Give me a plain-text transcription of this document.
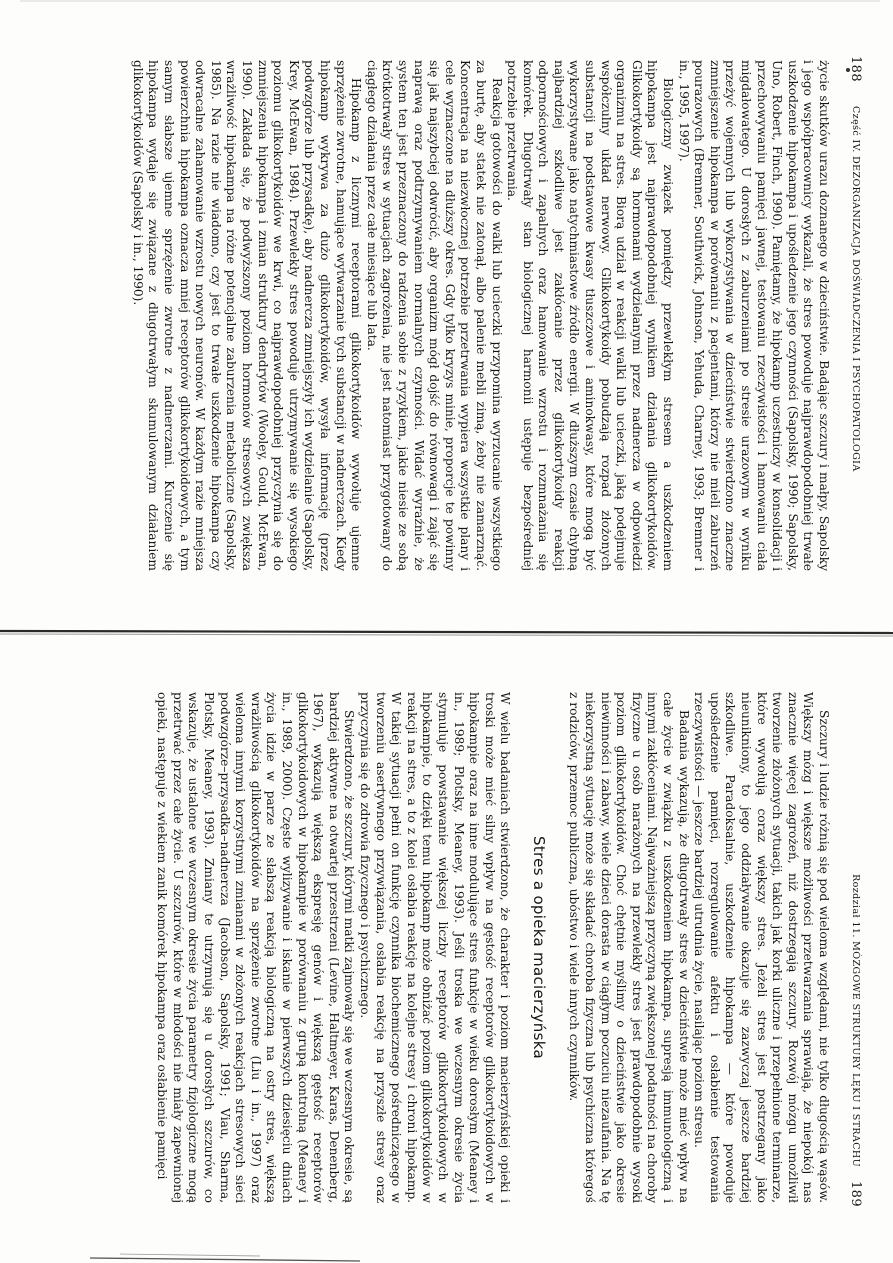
188
Część IV. DEZORGANIZACJA DOŚWIADCZENIA I PSYCHOPATOLOGIA

życie skutków urazu doznanego w dzieciństwie. Badając szczury i małpy, Sapolsky i jego współpracownicy wykazali, że stres powoduje najprawdopodobniej trwałe uszkodzenie hipokampa i upośledzenie jego czynności (Sapolsky, 1990; Sapolsky, Uno, Robert, Finch, 1990). Pamiętamy, że hipokamp uczestniczy w konsolidacji i przechowywaniu pamięci jawnej, testowaniu rzeczywistości i hamowaniu ciała migdałowatego. U dorosłych z zaburzeniami po stresie urazowym w wyniku przeżyć wojennych lub wykorzystywania w dzieciństwie stwierdzono znaczne zmniejszenie hipokampa w porównaniu z pacjentami, którzy nie mieli zaburzeń pourazowych (Bremner, Southwick, Johnson, Yehuda, Charney, 1993; Bremner i in., 1995, 1997).

Biologiczny związek pomiędzy przewlekłym stresem a uszkodzeniem hipokampa jest najprawdopodobniej wynikiem działania glikokortykoidów. Glikokortykoidy są hormonami wydzielanymi przez nadnercza w odpowiedzi organizmu na stres. Biorą udział w reakcji walki lub ucieczki, jaką podejmuje współczulny układ nerwowy. Glikokortykoidy pobudzają rozpad złożonych substancji na podstawowe kwasy tłuszczowe i aminokwasy, które mogą być wykorzystywane jako natychmiastowe źródło energii. W dłuższym czasie chybną najbardziej szkodliwe jest zakłócanie przez glikokortykoidy reakcji odpornościowych i zapalnych oraz hamowanie wzrostu i rozmnażania się komórek. Długotrwały stan biologicznej harmonii ustępuje bezpośredniej potrzebie przetrwania.

Reakcja gotowości do walki lub ucieczki przypomina wyrzucanie wszystkiego za burtę, aby statek nie zatonął, albo palenie mebli zimą, żeby nie zamarznąć. Koncentracja na niezwłocznej potrzebie przetrwania wypiera wszystkie plany i cele wyznaczone na dłuższy okres. Gdy tylko kryzys minie, proporcje te powinny się jak najszybciej odwrócić, aby organizm mógł dojść do równowagi i zająć się naprawą oraz podtrzymywaniem normalnych czynności. Widać wyraźnie, że system ten jest przeznaczony do radzenia sobie z ryzykiem, jakie niesie ze sobą krótkotrwały stres w sytuacjach zagrożenia, nie jest natomiast przygotowany do ciągłego działania przez całe miesiące lub lata.

Hipokamp z licznymi receptorami glikokortykoidów wywołuje ujemne sprzężenie zwrotne, hamujące wytwarzanie tych substancji w nadnerczach. Kiedy hipokamp wykrywa za dużo glikokortykoidów, wysyła informację (przez podwzgórze lub przysadkę), aby nadnercza zmniejszyły ich wydzielanie (Sapolsky, Krey, McEwan, 1984). Przewlekły stres powoduje utrzymywanie się wysokiego poziomu glikokortykoidów we krwi, co najprawdopodobniej przyczynia się do zmniejszenia hipokampa i zmian struktury dendrytów (Wooley, Gould, McEwan, 1990). Zakłada się, że podwyższony poziom hormonów stresowych zwiększa wrażliwość hipokampa na różne potencjalne zaburzenia metaboliczne (Sapolsky, 1985). Na razie nie wiadomo, czy jest to trwałe uszkodzenie hipokampa czy odwracalne zahamowanie wzrostu nowych neuronów. W każdym razie mniejsza powierzchnia hipokampa oznacza mniej receptorów glikokortykoidowych, a tym samym słabsze ujemne sprzężenie zwrotne z nadnerczami. Kurczenie się hipokampa wydaje się związane z długotrwałym skumulowanym działaniem glikokortykoidów (Sapolsky i in., 1990).

Rozdział 11. MÓZGOWE STRUKTURY LĘKU I STRACHU
189

Szczury i ludzie różnią się pod wieloma względami, nie tylko długością wąsów. Większy mózg i większe możliwości przetwarzania sprawiają, że niepokój nas znacznie więcej zagrożeń, niż dostrzegają szczury. Rozwój mózgu umożliwił tworzenie złożonych sytuacji, takich jak korki uliczne i przepełnione terminarze, które wywołują coraz większy stres. Jeżeli stres jest postrzegany jako nieunikniony, to jego oddziaływanie okazuje się zazwyczaj jeszcze bardziej szkodliwe. Paradoksalnie, uszkodzenie hipokampa — które powoduje upośledzenie pamięci, rozregulowanie afektu i osłabienie testowania rzeczywistości — jeszcze bardziej utrudnia życie, nasilając poziom stresu.

Badania wykazują, że długotrwały stres w dzieciństwie może mieć wpływ na całe życie w związku z uszkodzeniem hipokampa, supresją immunologiczną i innymi zakłóceniami. Najważniejszą przyczyną zwiększonej podatności na choroby fizyczne u osób narażonych na przewlekły stres jest prawdopodobnie wysoki poziom glikokortykoidów. Choć chętnie myślimy o dzieciństwie jako okresie niewinności i zabawy, wiele dzieci dorasta w ciągłym poczuciu niezaufania. Na tę niekorzystną sytuację może się składać choroba fizyczna lub psychiczna któregoś z rodziców, przemoc publiczna, ubóstwo i wiele innych czynników.

Stres a opieka macierzyńska

W wielu badaniach stwierdzono, że charakter i poziom macierzyńskiej opieki i troski może mieć silny wpływ na gęstość receptorów glikokortykoidowych w hipokampie oraz na inne modulujące stres funkcje w wieku dorosłym (Meaney i in., 1989; Plotsky, Meaney, 1993). Jeśli troska we wczesnym okresie życia stymuluje powstawanie większej liczby receptorów glikokortykoidowych w hipokampie, to dzięki temu hipokamp może obniżać poziom glikokortykoidów w reakcji na stres, a to z kolei osłabia reakcję na kolejne stresy i chroni hipokamp. W takiej sytuacji pełni on funkcję czynnika biochemicznego pośredniczącego w tworzeniu asertywnego przywiązania, osłabia reakcję na przyszłe stresy oraz przyczynia się do zdrowia fizycznego i psychicznego.

Stwierdzono, że szczury, którymi matki zajmowały się we wczesnym okresie, są bardziej aktywne na otwartej przestrzeni (Levine, Haltmeyer, Karas, Denenberg, 1967), wykazują większą ekspresję genów i większą gęstość receptorów glikokortykoidowych w hipokampie w porównaniu z grupą kontrolną (Meaney i in., 1989, 2000). Częste wylizywanie i iskanie w pierwszych dziesięciu dniach życia idzie w parze ze słabszą reakcją biologiczną na ostry stres, większą wrażliwością glikokortykoidów na sprzężenie zwrotne (Liu i in., 1997) oraz wieloma innymi korzystnymi zmianami w złożonych reakcjach stresowych sieci podwzgórze–przysadka–nadnercza (Jacobson, Sapolsky, 1991; Viau, Sharma, Plotsky, Meaney, 1993). Zmiany te utrzymują się u dorosłych szczurów, co wskazuje, że ustalone we wczesnym okresie życia parametry fizjologiczne mogą przetrwać przez całe życie. U szczurów, które w młodości nie miały zapewnionej opieki, następuje z wiekiem zanik komórek hipokampa oraz osłabienie pamięci
